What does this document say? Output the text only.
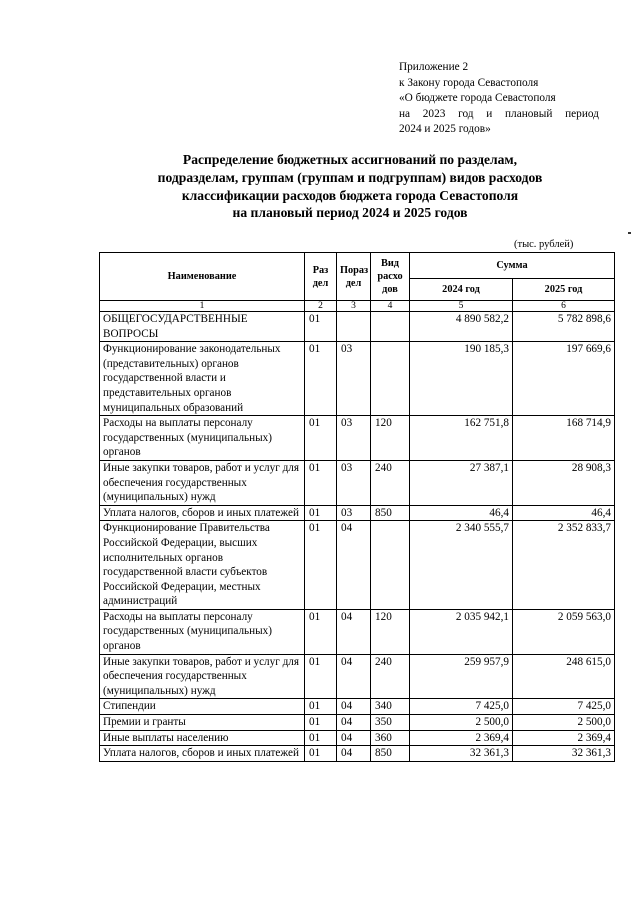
Приложение 2
к Закону города Севастополя
«О бюджете города Севастополя
на 2023 год и плановый период
2024 и 2025 годов»
Распределение бюджетных ассигнований по разделам,
подразделам, группам (группам и подгруппам) видов расходов
классификации расходов бюджета города Севастополя
на плановый период 2024 и 2025 годов
(тыс. рублей)
Наименование	Раз дел	Пораз дел	Вид расхо дов	Сумма	
				2024 год	2025 год
1	2	3	4	5	6
ОБЩЕГОСУДАРСТВЕННЫЕ ВОПРОСЫ	01			4 890 582,2	5 782 898,6
Функционирование законодательных (представительных) органов государственной власти и представительных органов муниципальных образований	01	03		190 185,3	197 669,6
Расходы на выплаты персоналу государственных (муниципальных) органов	01	03	120	162 751,8	168 714,9
Иные закупки товаров, работ и услуг для обеспечения государственных (муниципальных) нужд	01	03	240	27 387,1	28 908,3
Уплата налогов, сборов и иных платежей	01	03	850	46,4	46,4
Функционирование Правительства Российской Федерации, высших исполнительных органов государственной власти субъектов Российской Федерации, местных администраций	01	04		2 340 555,7	2 352 833,7
Расходы на выплаты персоналу государственных (муниципальных) органов	01	04	120	2 035 942,1	2 059 563,0
Иные закупки товаров, работ и услуг для обеспечения государственных (муниципальных) нужд	01	04	240	259 957,9	248 615,0
Стипендии	01	04	340	7 425,0	7 425,0
Премии и гранты	01	04	350	2 500,0	2 500,0
Иные выплаты населению	01	04	360	2 369,4	2 369,4
Уплата налогов, сборов и иных платежей	01	04	850	32 361,3	32 361,3
